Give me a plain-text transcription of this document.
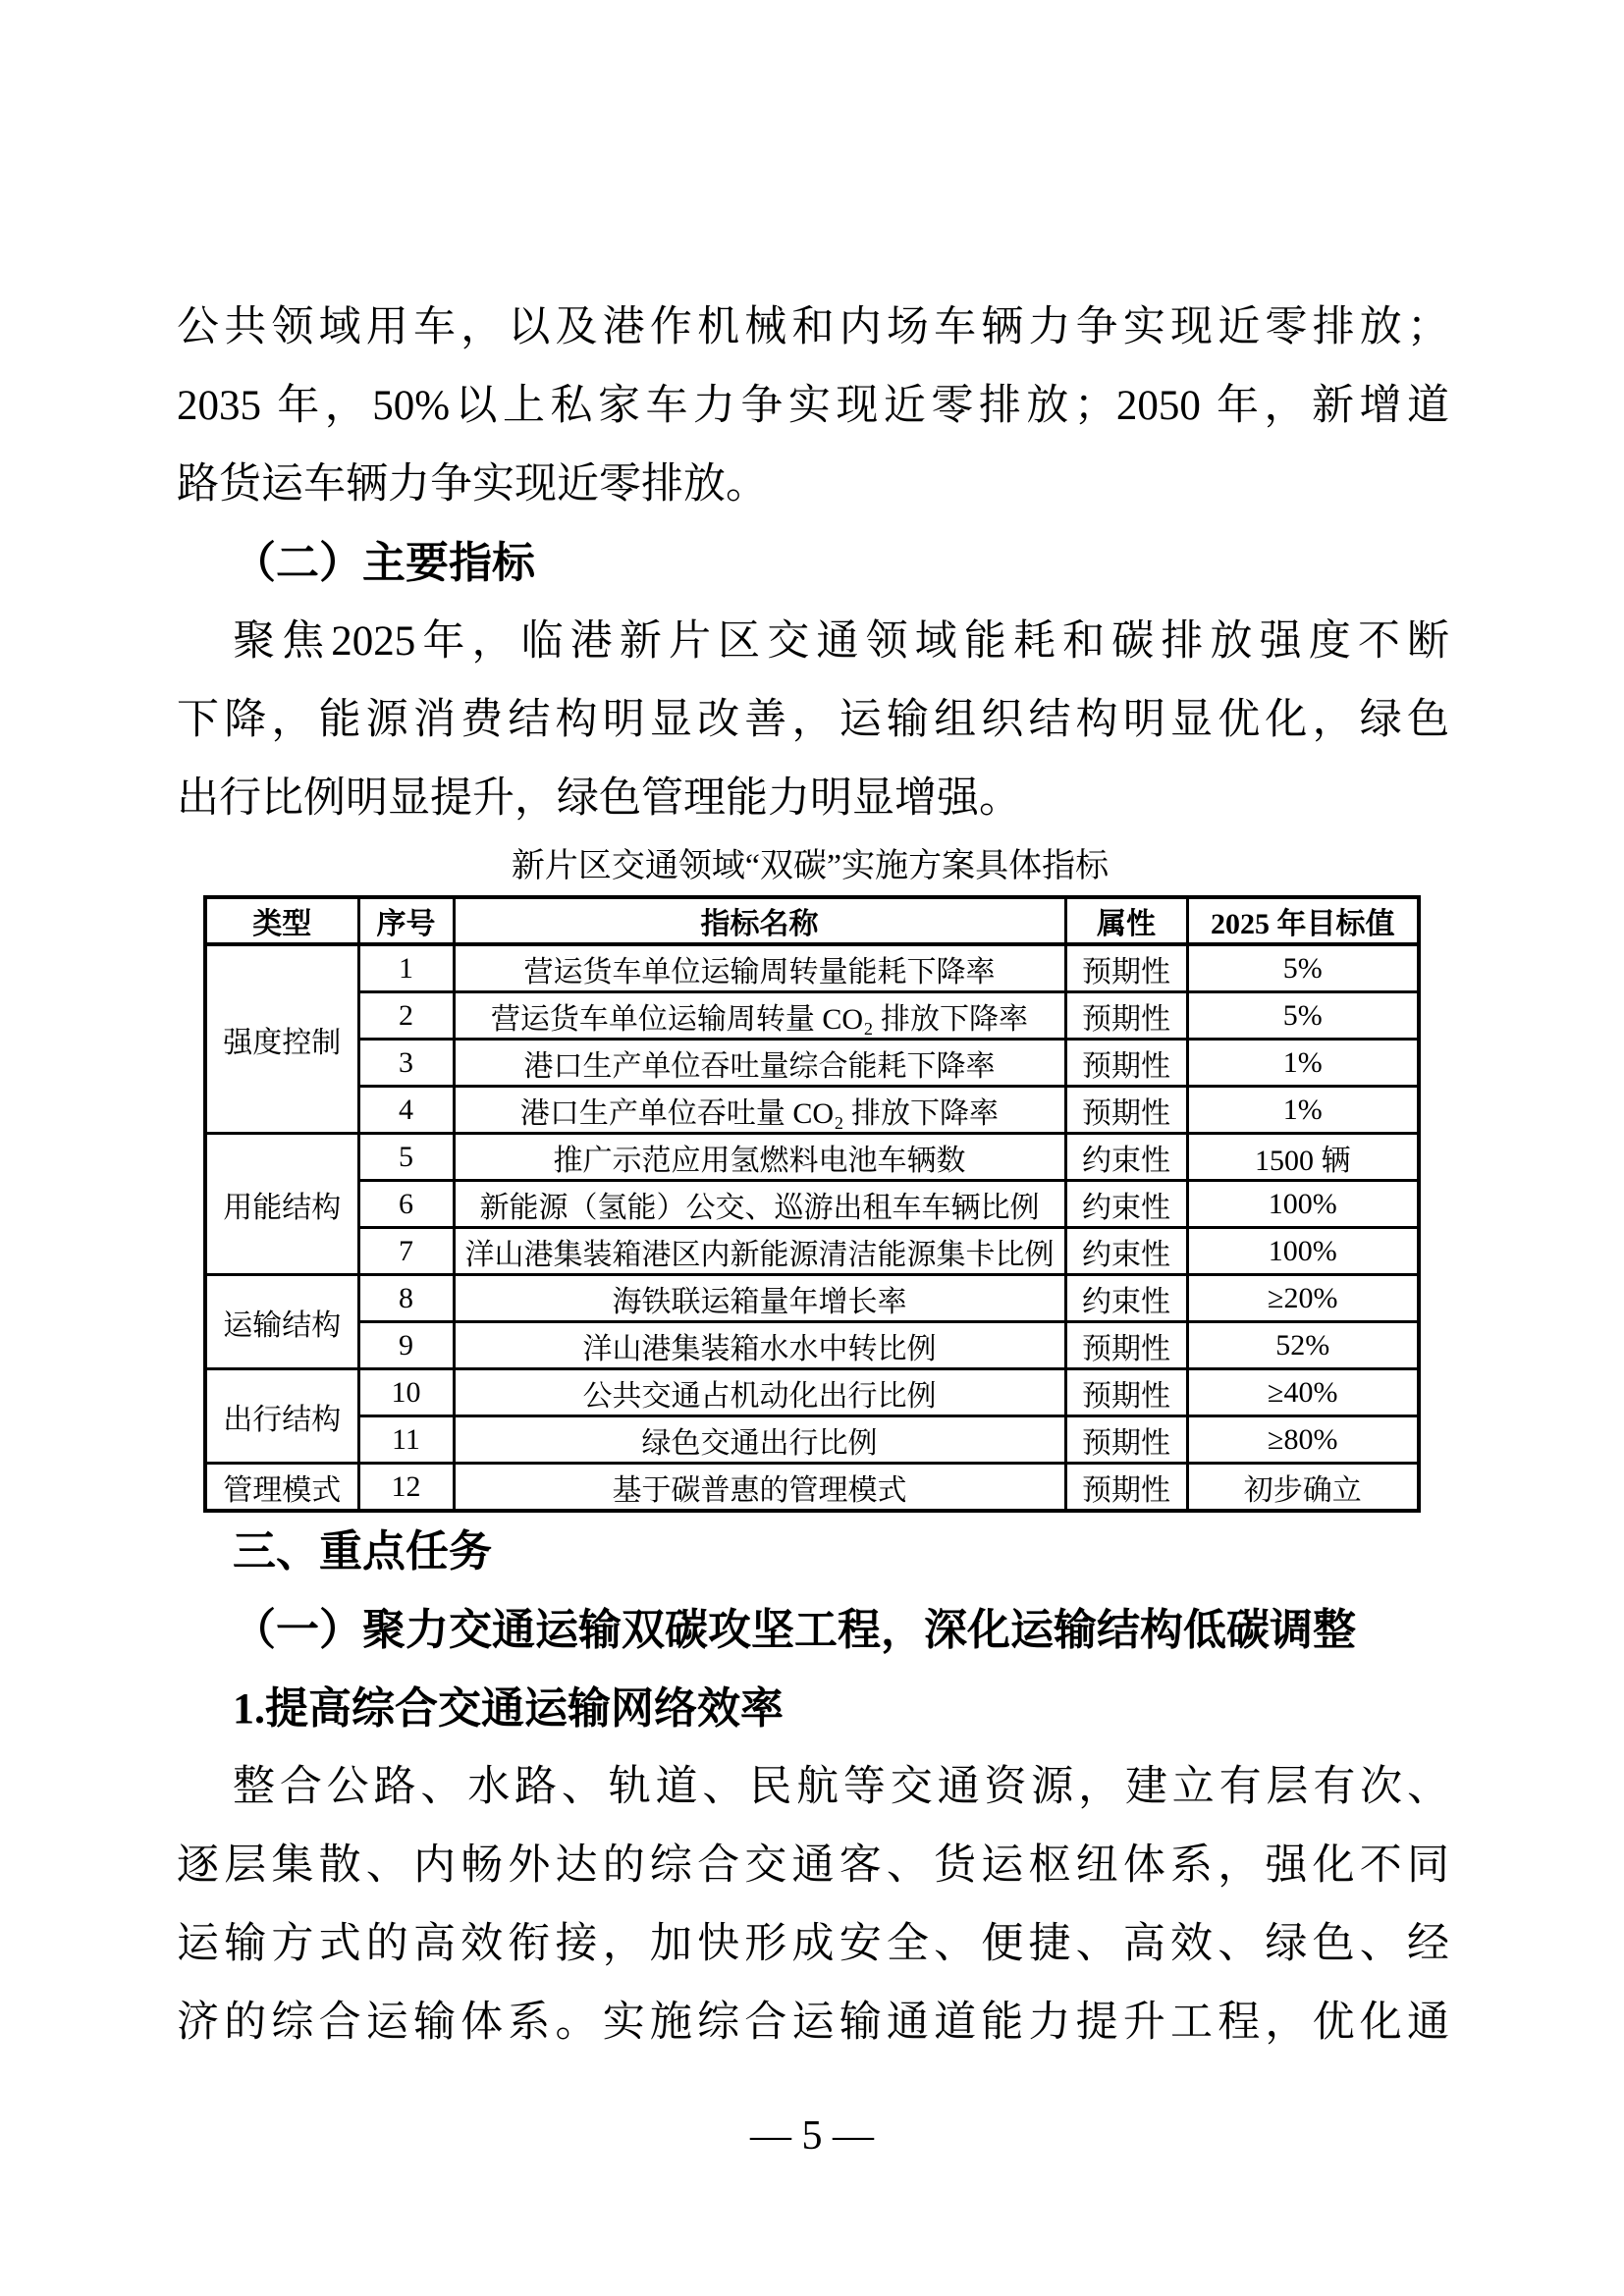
公共领域用车，以及港作机械和内场车辆力争实现近零排放；
2035 年，50%以上私家车力争实现近零排放；2050 年，新增道
路货运车辆力争实现近零排放。
（二）主要指标
聚焦2025年，临港新片区交通领域能耗和碳排放强度不断
下降，能源消费结构明显改善，运输组织结构明显优化，绿色
出行比例明显提升，绿色管理能力明显增强。
新片区交通领域“双碳”实施方案具体指标
类型	序号	指标名称	属性	2025 年目标值
强度控制	1	营运货车单位运输周转量能耗下降率	预期性	5%
	2	营运货车单位运输周转量 CO₂ 排放下降率	预期性	5%
	3	港口生产单位吞吐量综合能耗下降率	预期性	1%
	4	港口生产单位吞吐量 CO₂ 排放下降率	预期性	1%
用能结构	5	推广示范应用氢燃料电池车辆数	约束性	1500 辆
	6	新能源（氢能）公交、巡游出租车车辆比例	约束性	100%
	7	洋山港集装箱港区内新能源清洁能源集卡比例	约束性	100%
运输结构	8	海铁联运箱量年增长率	约束性	≥20%
	9	洋山港集装箱水水中转比例	预期性	52%
出行结构	10	公共交通占机动化出行比例	预期性	≥40%
	11	绿色交通出行比例	预期性	≥80%
管理模式	12	基于碳普惠的管理模式	预期性	初步确立
三、重点任务
（一）聚力交通运输双碳攻坚工程，深化运输结构低碳调整
1.提高综合交通运输网络效率
整合公路、水路、轨道、民航等交通资源，建立有层有次、
逐层集散、内畅外达的综合交通客、货运枢纽体系，强化不同
运输方式的高效衔接，加快形成安全、便捷、高效、绿色、经
济的综合运输体系。实施综合运输通道能力提升工程，优化通
— 5 —
